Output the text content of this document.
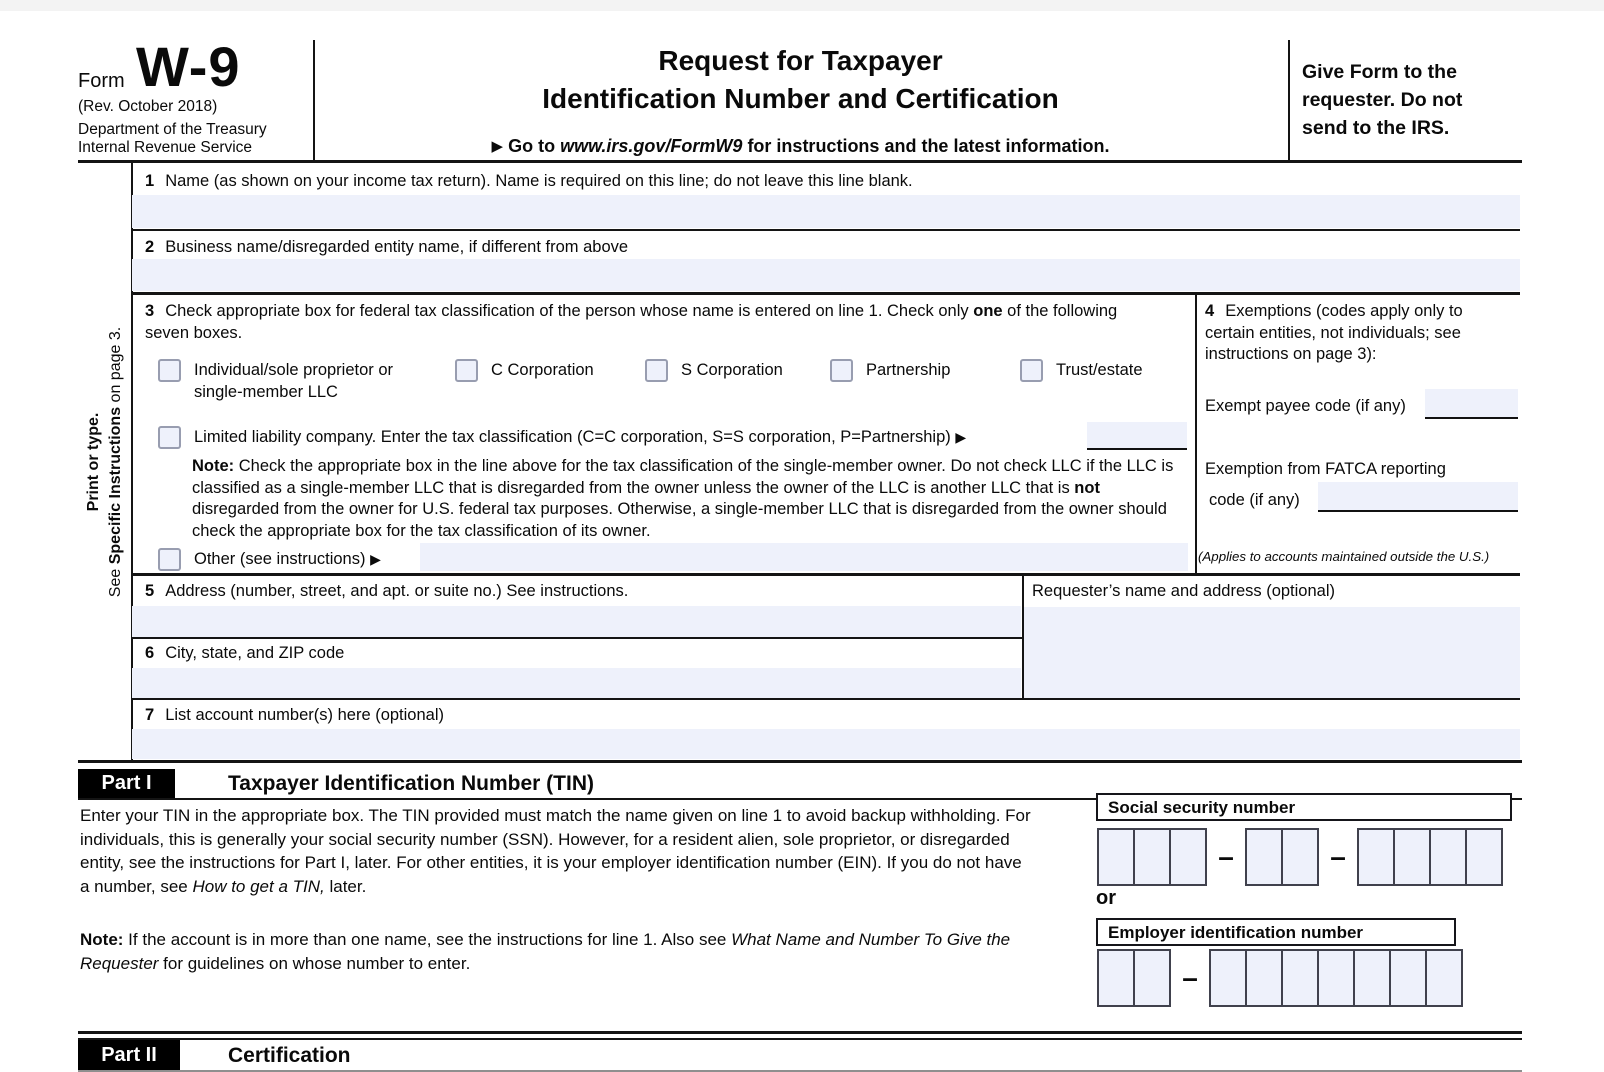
Form W-9
(Rev. October 2018)
Department of the Treasury
Internal Revenue Service
Request for Taxpayer
Identification Number and Certification
▶ Go to www.irs.gov/FormW9 for instructions and the latest information.
Give Form to the requester. Do not send to the IRS.
Print or type.
See Specific Instructions on page 3.
1 Name (as shown on your income tax return). Name is required on this line; do not leave this line blank.
2 Business name/disregarded entity name, if different from above
3 Check appropriate box for federal tax classification of the person whose name is entered on line 1. Check only one of the following seven boxes.
Individual/sole proprietor or single-member LLC
C Corporation	S Corporation	Partnership	Trust/estate
Limited liability company. Enter the tax classification (C=C corporation, S=S corporation, P=Partnership) ▶
Note: Check the appropriate box in the line above for the tax classification of the single-member owner. Do not check LLC if the LLC is classified as a single-member LLC that is disregarded from the owner unless the owner of the LLC is another LLC that is not disregarded from the owner for U.S. federal tax purposes. Otherwise, a single-member LLC that is disregarded from the owner should check the appropriate box for the tax classification of its owner.
Other (see instructions) ▶
4 Exemptions (codes apply only to certain entities, not individuals; see instructions on page 3):
Exempt payee code (if any)
Exemption from FATCA reporting
code (if any)
(Applies to accounts maintained outside the U.S.)
5 Address (number, street, and apt. or suite no.) See instructions.	Requester’s name and address (optional)
6 City, state, and ZIP code
7 List account number(s) here (optional)
Part I	Taxpayer Identification Number (TIN)
Enter your TIN in the appropriate box. The TIN provided must match the name given on line 1 to avoid backup withholding. For individuals, this is generally your social security number (SSN). However, for a resident alien, sole proprietor, or disregarded entity, see the instructions for Part I, later. For other entities, it is your employer identification number (EIN). If you do not have a number, see How to get a TIN, later.
Note: If the account is in more than one name, see the instructions for line 1. Also see What Name and Number To Give the Requester for guidelines on whose number to enter.
Social security number
–	–
or
Employer identification number
–
Part II	Certification
